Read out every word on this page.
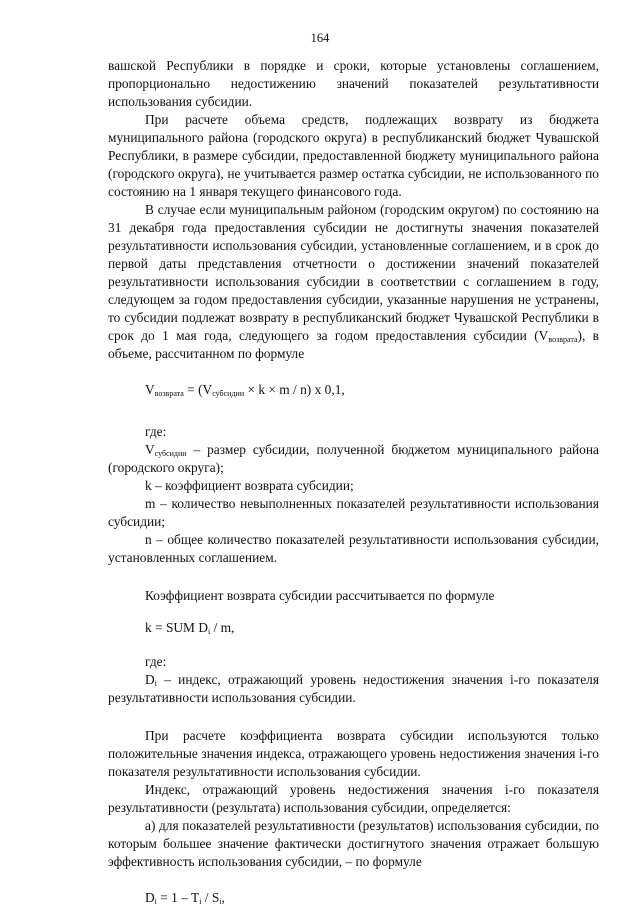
164

вашской Республики в порядке и сроки, которые установлены соглашением, пропорционально недостижению значений показателей результативности использования субсидии.

При расчете объема средств, подлежащих возврату из бюджета муниципального района (городского округа) в республиканский бюджет Чувашской Республики, в размере субсидии, предоставленной бюджету муниципального района (городского округа), не учитывается размер остатка субсидии, не использованного по состоянию на 1 января текущего финансового года.

В случае если муниципальным районом (городским округом) по состоянию на 31 декабря года предоставления субсидии не достигнуты значения показателей результативности использования субсидии, установленные соглашением, и в срок до первой даты представления отчетности о достижении значений показателей результативности использования субсидии в соответствии с соглашением в году, следующем за годом предоставления субсидии, указанные нарушения не устранены, то субсидии подлежат возврату в республиканский бюджет Чувашской Республики в срок до 1 мая года, следующего за годом предоставления субсидии $(V_{возврата})$, в объеме, рассчитанном по формуле

$V_{возврата} = (V_{субсидии} \times k \times m / n)$ x 0,1,

где:

$V_{субсидии}$ – размер субсидии, полученной бюджетом муниципального района (городского округа);

k – коэффициент возврата субсидии;

m – количество невыполненных показателей результативности использования субсидии;

n – общее количество показателей результативности использования субсидии, установленных соглашением.

Коэффициент возврата субсидии рассчитывается по формуле

k = SUM $D_i$ / m,

где:

$D_i$ – индекс, отражающий уровень недостижения значения i-го показателя результативности использования субсидии.

При расчете коэффициента возврата субсидии используются только положительные значения индекса, отражающего уровень недостижения значения i-го показателя результативности использования субсидии.

Индекс, отражающий уровень недостижения значения i-го показателя результативности (результата) использования субсидии, определяется:

а) для показателей результативности (результатов) использования субсидии, по которым большее значение фактически достигнутого значения отражает большую эффективность использования субсидии, – по формуле

$D_i = 1 - T_i / S_i$,
